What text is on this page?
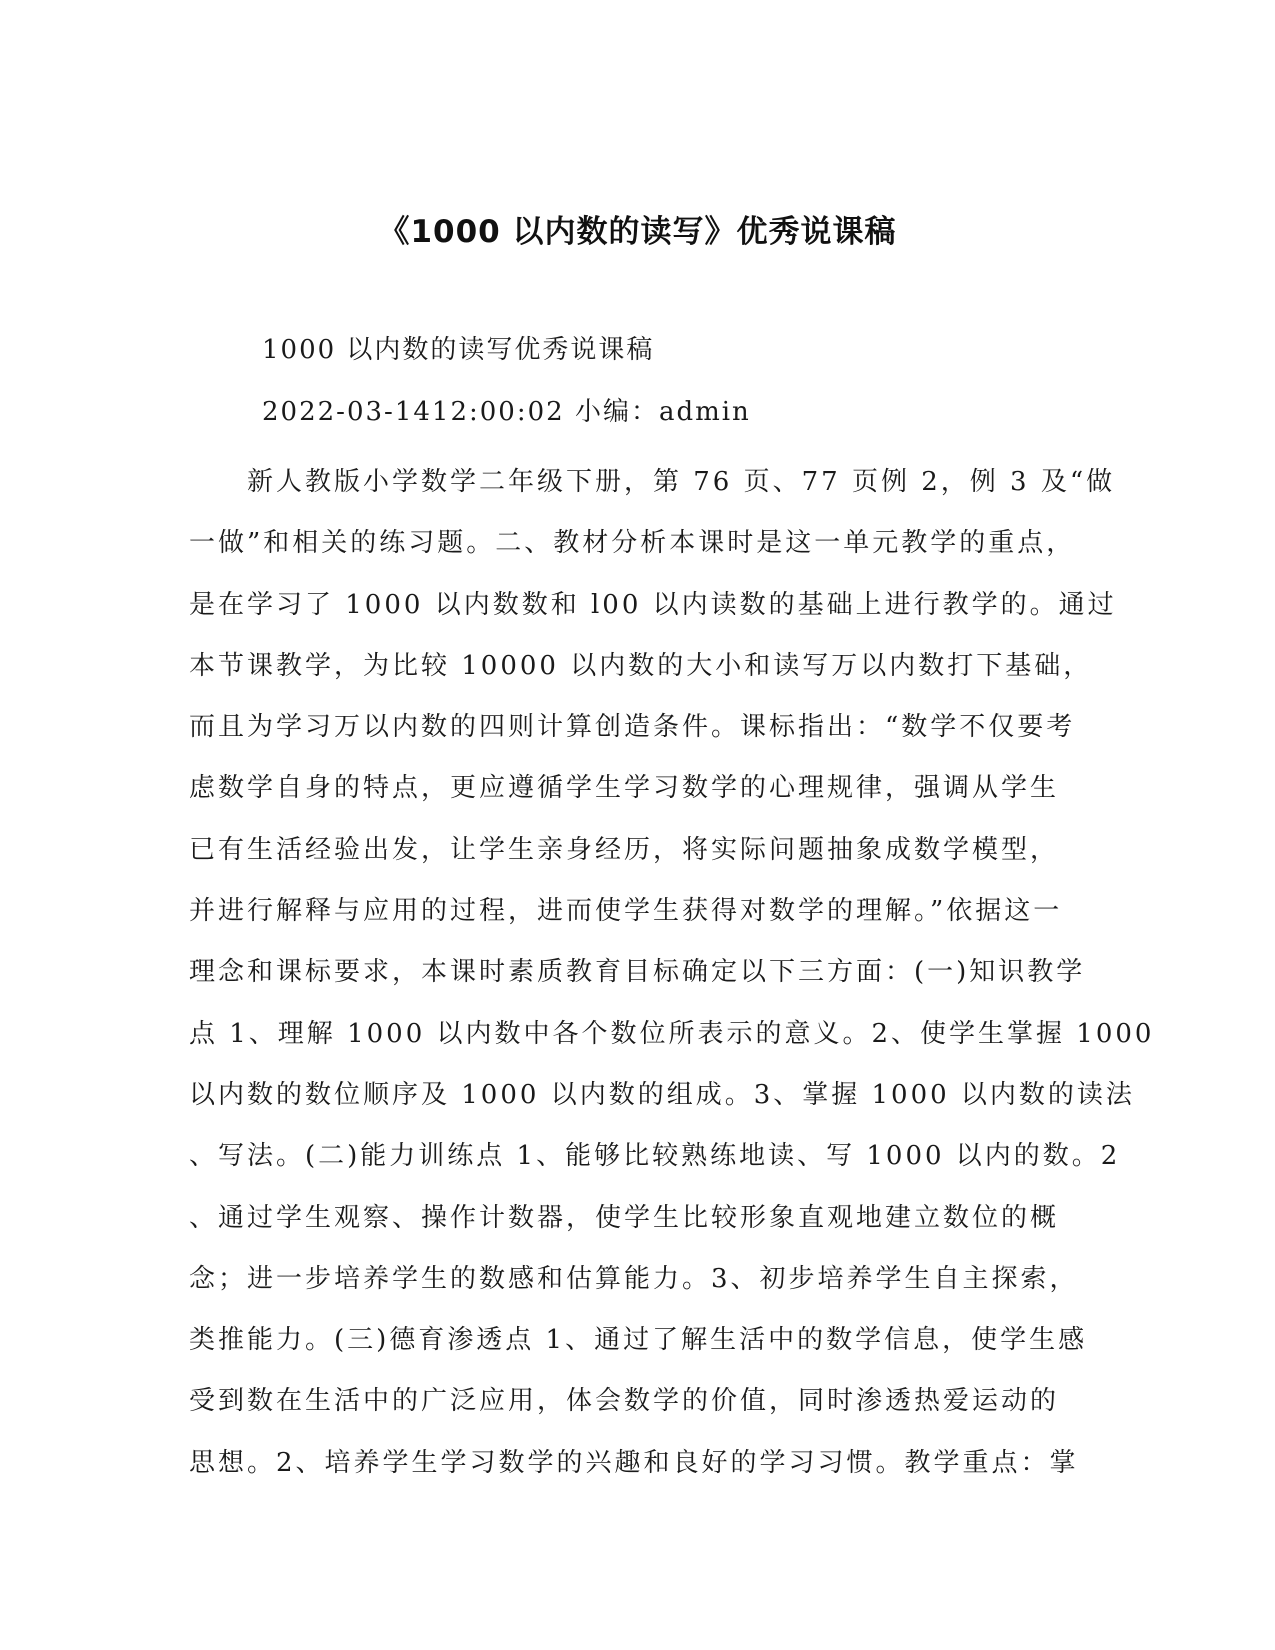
《1000 以内数的读写》优秀说课稿

1000 以内数的读写优秀说课稿

2022-03-1412:00:02 小编：admin

　　新人教版小学数学二年级下册，第 76 页、77 页例 2，例 3 及“做
一做”和相关的练习题。二、教材分析本课时是这一单元教学的重点，
是在学习了 1000 以内数数和 l00 以内读数的基础上进行教学的。通过
本节课教学，为比较 10000 以内数的大小和读写万以内数打下基础，
而且为学习万以内数的四则计算创造条件。课标指出：“数学不仅要考
虑数学自身的特点，更应遵循学生学习数学的心理规律，强调从学生
已有生活经验出发，让学生亲身经历，将实际问题抽象成数学模型，
并进行解释与应用的过程，进而使学生获得对数学的理解。”依据这一
理念和课标要求，本课时素质教育目标确定以下三方面：(一)知识教学
点 1、理解 1000 以内数中各个数位所表示的意义。2、使学生掌握 1000
以内数的数位顺序及 1000 以内数的组成。3、掌握 1000 以内数的读法
、写法。(二)能力训练点 1、能够比较熟练地读、写 1000 以内的数。2
、通过学生观察、操作计数器，使学生比较形象直观地建立数位的概
念；进一步培养学生的数感和估算能力。3、初步培养学生自主探索，
类推能力。(三)德育渗透点 1、通过了解生活中的数学信息，使学生感
受到数在生活中的广泛应用，体会数学的价值，同时渗透热爱运动的
思想。2、培养学生学习数学的兴趣和良好的学习习惯。教学重点：掌
